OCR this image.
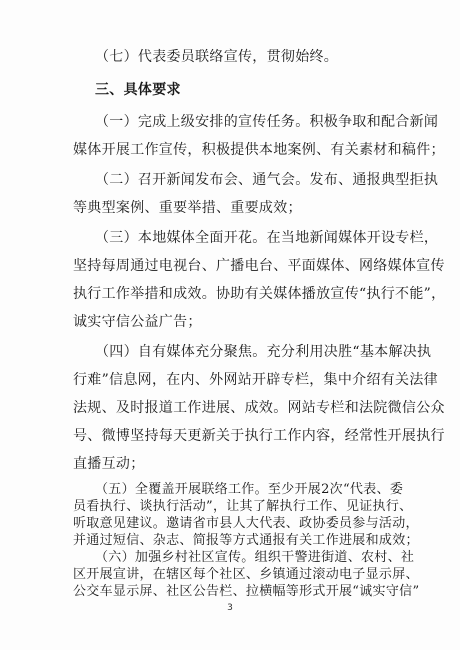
（七）代表委员联络宣传，贯彻始终。
三、具体要求
（一）完成上级安排的宣传任务。积极争取和配合新闻
媒体开展工作宣传，积极提供本地案例、有关素材和稿件；
（二）召开新闻发布会、通气会。发布、通报典型拒执
等典型案例、重要举措、重要成效；
（三）本地媒体全面开花。在当地新闻媒体开设专栏，
坚持每周通过电视台、广播电台、平面媒体、网络媒体宣传
执行工作举措和成效。协助有关媒体播放宣传“执行不能”，
诚实守信公益广告；
（四）自有媒体充分聚焦。充分利用决胜“基本解决执
行难”信息网，在内、外网站开辟专栏，集中介绍有关法律
法规、及时报道工作进展、成效。网站专栏和法院微信公众
号、微博坚持每天更新关于执行工作内容，经常性开展执行
直播互动；
3
（五）全覆盖开展联络工作。至少开展2次“代表、委
员看执行、谈执行活动”，让其了解执行工作、见证执行、
听取意见建议。邀请省市县人大代表、政协委员参与活动，
并通过短信、杂志、简报等方式通报有关工作进展和成效；
（六）加强乡村社区宣传。组织干警进街道、农村、社
区开展宣讲，在辖区每个社区、乡镇通过滚动电子显示屏、
公交车显示屏、社区公告栏、拉横幅等形式开展“诚实守信”
